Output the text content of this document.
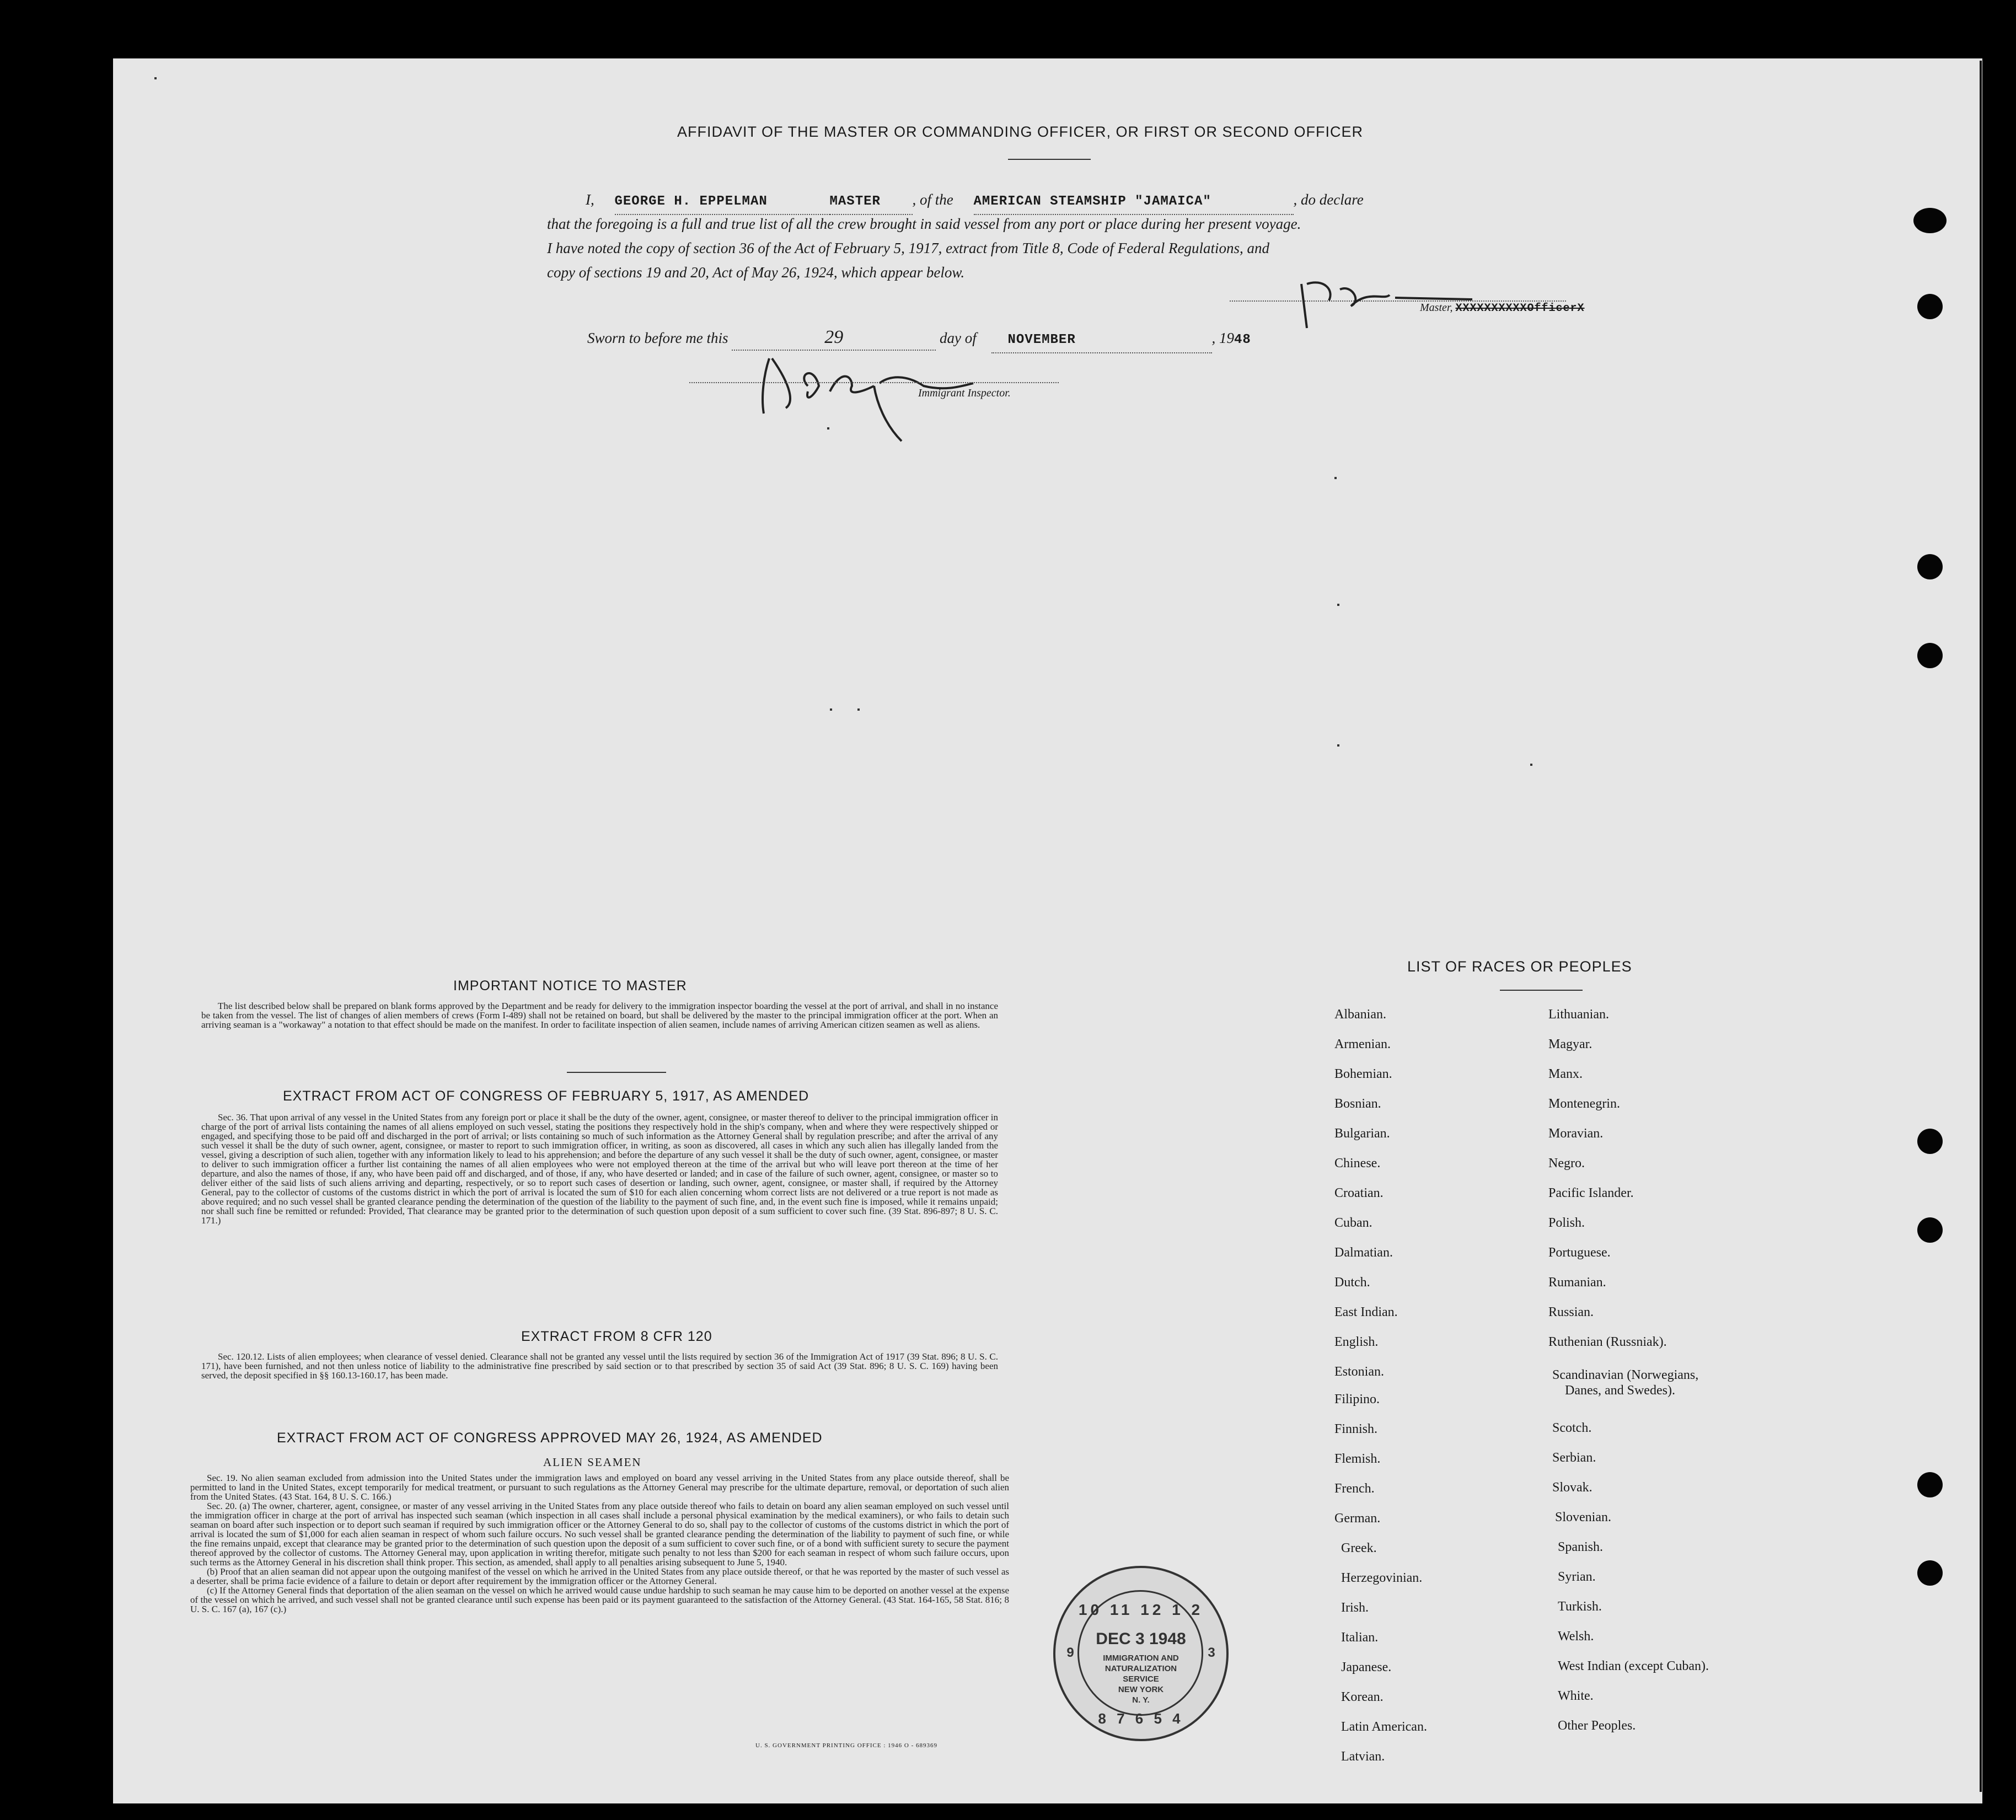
AFFIDAVIT OF THE MASTER OR COMMANDING OFFICER, OR FIRST OR SECOND OFFICER
I, GEORGE H. EPPELMAN	MASTER , of the AMERICAN STEAMSHIP "JAMAICA"	, do declare
that the foregoing is a full and true list of all the crew brought in said vessel from any port or place during her present voyage.
I have noted the copy of section 36 of the Act of February 5, 1917, extract from Title 8, Code of Federal Regulations, and
copy of sections 19 and 20, Act of May 26, 1924, which appear below.
Master, XXXXXXXXXXOfficerX
Sworn to before me this	29	day of NOVEMBER	, 1948
Immigrant Inspector.
IMPORTANT NOTICE TO MASTER

The list described below shall be prepared on blank forms approved by the Department and be ready for delivery to the immigration inspector boarding the vessel at the port of arrival, and shall in no instance be taken from the vessel. The list of changes of alien members of crews (Form I-489) shall not be retained on board, but shall be delivered by the master to the principal immigration officer at the port. When an arriving seaman is a "workaway" a notation to that effect should be made on the manifest. In order to facilitate inspection of alien seamen, include names of arriving American citizen seamen as well as aliens.

EXTRACT FROM ACT OF CONGRESS OF FEBRUARY 5, 1917, AS AMENDED

Sec. 36. That upon arrival of any vessel in the United States from any foreign port or place it shall be the duty of the owner, agent, consignee, or master thereof to deliver to the principal immigration officer in charge of the port of arrival lists containing the names of all aliens employed on such vessel, stating the positions they respectively hold in the ship's company, when and where they were respectively shipped or engaged, and specifying those to be paid off and discharged in the port of arrival; or lists containing so much of such information as the Attorney General shall by regulation prescribe; and after the arrival of any such vessel it shall be the duty of such owner, agent, consignee, or master to report to such immigration officer, in writing, as soon as discovered, all cases in which any such alien has illegally landed from the vessel, giving a description of such alien, together with any information likely to lead to his apprehension; and before the departure of any such vessel it shall be the duty of such owner, agent, consignee, or master to deliver to such immigration officer a further list containing the names of all alien employees who were not employed thereon at the time of the arrival but who will leave port thereon at the time of her departure, and also the names of those, if any, who have been paid off and discharged, and of those, if any, who have deserted or landed; and in case of the failure of such owner, agent, consignee, or master so to deliver either of the said lists of such aliens arriving and departing, respectively, or so to report such cases of desertion or landing, such owner, agent, consignee, or master shall, if required by the Attorney General, pay to the collector of customs of the customs district in which the port of arrival is located the sum of $10 for each alien concerning whom correct lists are not delivered or a true report is not made as above required; and no such vessel shall be granted clearance pending the determination of the question of the liability to the payment of such fine, and, in the event such fine is imposed, while it remains unpaid; nor shall such fine be remitted or refunded: Provided, That clearance may be granted prior to the determination of such question upon deposit of a sum sufficient to cover such fine. (39 Stat. 896-897; 8 U. S. C. 171.)

EXTRACT FROM 8 CFR 120

Sec. 120.12. Lists of alien employees; when clearance of vessel denied. Clearance shall not be granted any vessel until the lists required by section 36 of the Immigration Act of 1917 (39 Stat. 896; 8 U. S. C. 171), have been furnished, and not then unless notice of liability to the administrative fine prescribed by said section or to that prescribed by section 35 of said Act (39 Stat. 896; 8 U. S. C. 169) having been served, the deposit specified in §§ 160.13-160.17, has been made.

EXTRACT FROM ACT OF CONGRESS APPROVED MAY 26, 1924, AS AMENDED
ALIEN SEAMEN

Sec. 19. No alien seaman excluded from admission into the United States under the immigration laws and employed on board any vessel arriving in the United States from any place outside thereof, shall be permitted to land in the United States, except temporarily for medical treatment, or pursuant to such regulations as the Attorney General may prescribe for the ultimate departure, removal, or deportation of such alien from the United States. (43 Stat. 164, 8 U. S. C. 166.)

Sec. 20. (a) The owner, charterer, agent, consignee, or master of any vessel arriving in the United States from any place outside thereof who fails to detain on board any alien seaman employed on such vessel until the immigration officer in charge at the port of arrival has inspected such seaman (which inspection in all cases shall include a personal physical examination by the medical examiners), or who fails to detain such seaman on board after such inspection or to deport such seaman if required by such immigration officer or the Attorney General to do so, shall pay to the collector of customs of the customs district in which the port of arrival is located the sum of $1,000 for each alien seaman in respect of whom such failure occurs. No such vessel shall be granted clearance pending the determination of the liability to payment of such fine, or while the fine remains unpaid, except that clearance may be granted prior to the determination of such question upon the deposit of a sum sufficient to cover such fine, or of a bond with sufficient surety to secure the payment thereof approved by the collector of customs. The Attorney General may, upon application in writing therefor, mitigate such penalty to not less than $200 for each seaman in respect of whom such failure occurs, upon such terms as the Attorney General in his discretion shall think proper. This section, as amended, shall apply to all penalties arising subsequent to June 5, 1940.

(b) Proof that an alien seaman did not appear upon the outgoing manifest of the vessel on which he arrived in the United States from any place outside thereof, or that he was reported by the master of such vessel as a deserter, shall be prima facie evidence of a failure to detain or deport after requirement by the immigration officer or the Attorney General.

(c) If the Attorney General finds that deportation of the alien seaman on the vessel on which he arrived would cause undue hardship to such seaman he may cause him to be deported on another vessel at the expense of the vessel on which he arrived, and such vessel shall not be granted clearance until such expense has been paid or its payment guaranteed to the satisfaction of the Attorney General. (43 Stat. 164-165, 58 Stat. 816; 8 U. S. C. 167 (a), 167 (c).)

U. S. GOVERNMENT PRINTING OFFICE : 1946 O - 689369
10 11 12 1 2
DEC 3 1948
IMMIGRATION AND
NATURALIZATION
SERVICE
NEW YORK
N. Y.
8 7 6 5 4
9	3
LIST OF RACES OR PEOPLES
Albanian.
Armenian.
Bohemian.
Bosnian.
Bulgarian.
Chinese.
Croatian.
Cuban.
Dalmatian.
Dutch.
East Indian.
English.
Estonian.
Filipino.
Finnish.
Flemish.
French.
German.
Greek.
Herzegovinian.
Irish.
Italian.
Japanese.
Korean.
Latin American.
Latvian.
Lithuanian.
Magyar.
Manx.
Montenegrin.
Moravian.
Negro.
Pacific Islander.
Polish.
Portuguese.
Rumanian.
Russian.
Ruthenian (Russniak).
Scandinavian (Norwegians,
Danes, and Swedes).
Scotch.
Serbian.
Slovak.
Slovenian.
Spanish.
Syrian.
Turkish.
Welsh.
West Indian (except Cuban).
White.
Other Peoples.
